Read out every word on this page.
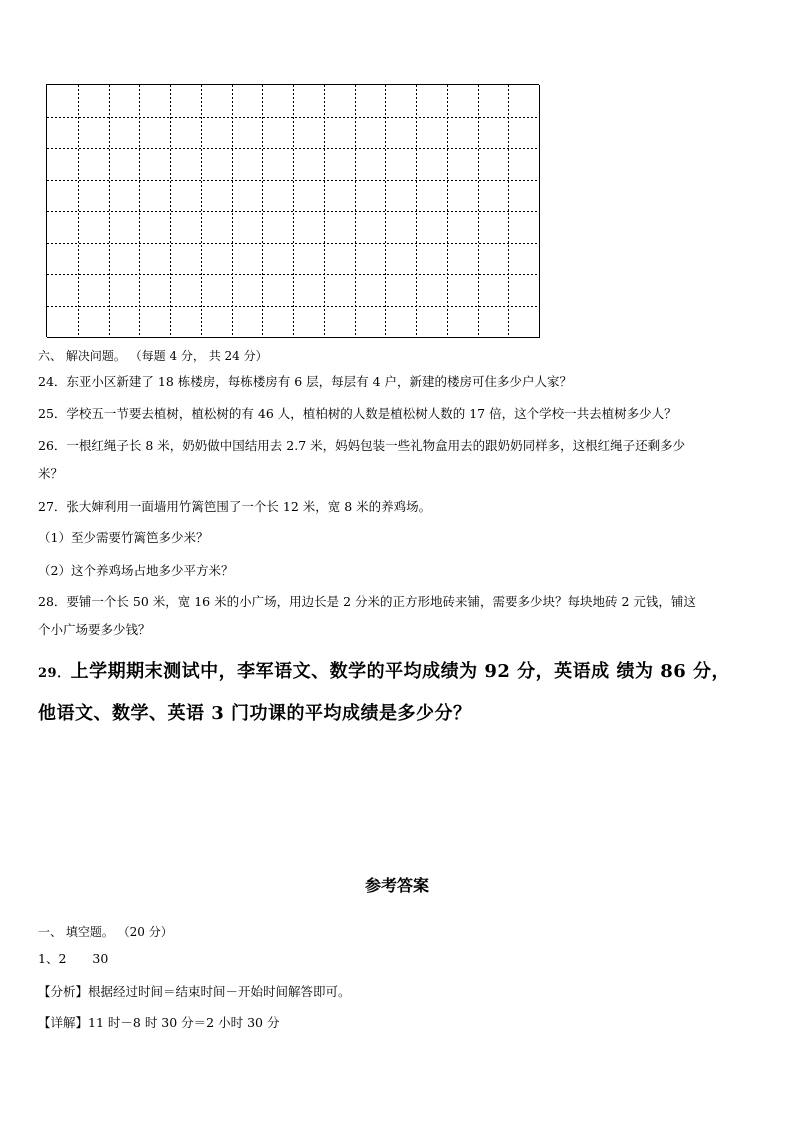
六、 解决问题。 （每题 4 分， 共 24 分）
24．东亚小区新建了 18 栋楼房，每栋楼房有 6 层，每层有 4 户，新建的楼房可住多少户人家？
25．学校五一节要去植树，植松树的有 46 人，植柏树的人数是植松树人数的 17 倍，这个学校一共去植树多少人？
26．一根红绳子长 8 米，奶奶做中国结用去 2.7 米，妈妈包装一些礼物盒用去的跟奶奶同样多，这根红绳子还剩多少
米？
27．张大婶利用一面墙用竹篱笆围了一个长 12 米，宽 8 米的养鸡场。
（1）至少需要竹篱笆多少米？
（2）这个养鸡场占地多少平方米？
28．要铺一个长 50 米，宽 16 米的小广场，用边长是 2 分米的正方形地砖来铺，需要多少块？每块地砖 2 元钱，铺这
个小广场要多少钱？
29．上学期期末测试中，李军语文、数学的平均成绩为 92 分，英语成 绩为 86 分，
他语文、数学、英语 3 门功课的平均成绩是多少分？
参考答案
一、 填空题。 （20 分）
1、2 30
【分析】根据经过时间＝结束时间－开始时间解答即可。
【详解】11 时－8 时 30 分＝2 小时 30 分
